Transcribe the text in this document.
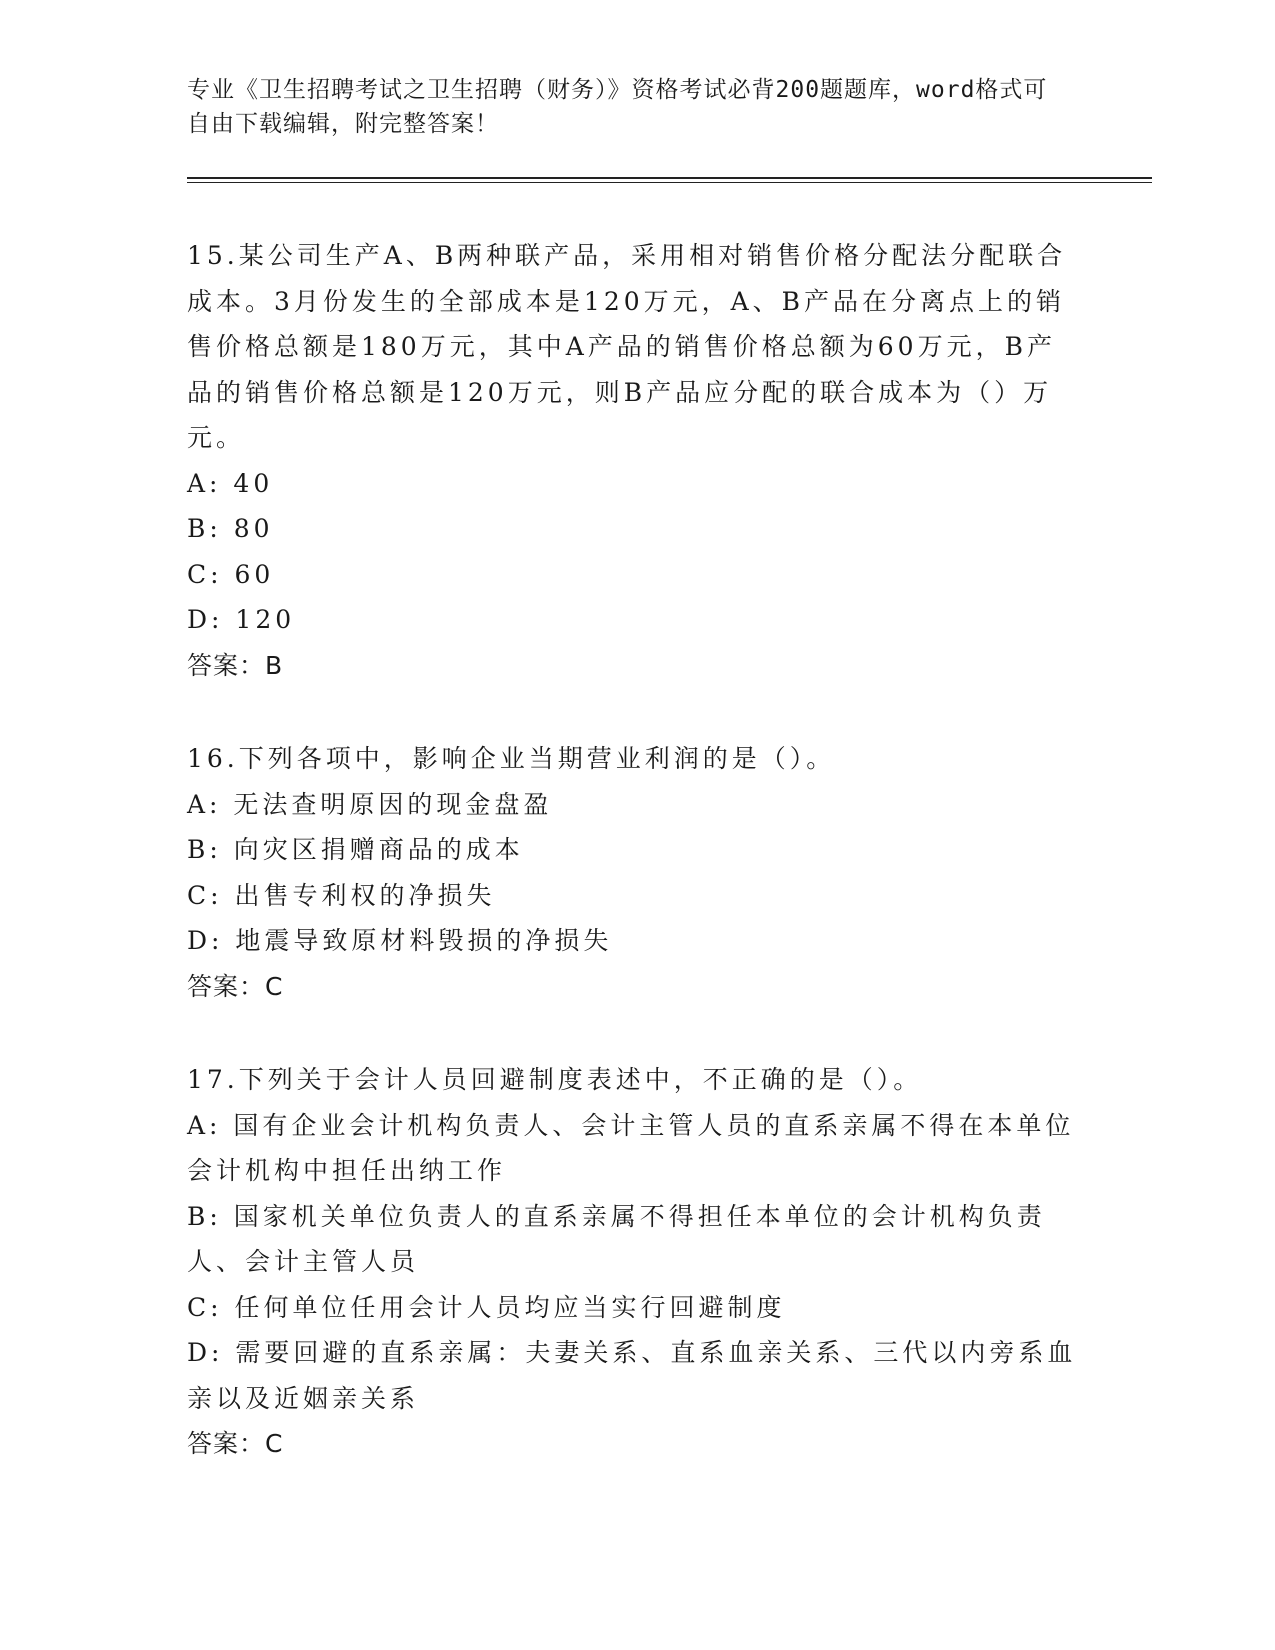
专业《卫生招聘考试之卫生招聘（财务）》资格考试必背200题题库，word格式可自由下载编辑，附完整答案！

15.某公司生产A、B两种联产品，采用相对销售价格分配法分配联合成本。3月份发生的全部成本是120万元，A、B产品在分离点上的销售价格总额是180万元，其中A产品的销售价格总额为60万元，B产品的销售价格总额是120万元，则B产品应分配的联合成本为（）万元。

A: 40

B: 80

C: 60

D: 120

答案：B

16.下列各项中，影响企业当期营业利润的是（）。

A: 无法查明原因的现金盘盈

B: 向灾区捐赠商品的成本

C: 出售专利权的净损失

D: 地震导致原材料毁损的净损失

答案：C

17.下列关于会计人员回避制度表述中，不正确的是（）。

A: 国有企业会计机构负责人、会计主管人员的直系亲属不得在本单位会计机构中担任出纳工作

B: 国家机关单位负责人的直系亲属不得担任本单位的会计机构负责人、会计主管人员

C: 任何单位任用会计人员均应当实行回避制度

D: 需要回避的直系亲属：夫妻关系、直系血亲关系、三代以内旁系血亲以及近姻亲关系

答案：C
